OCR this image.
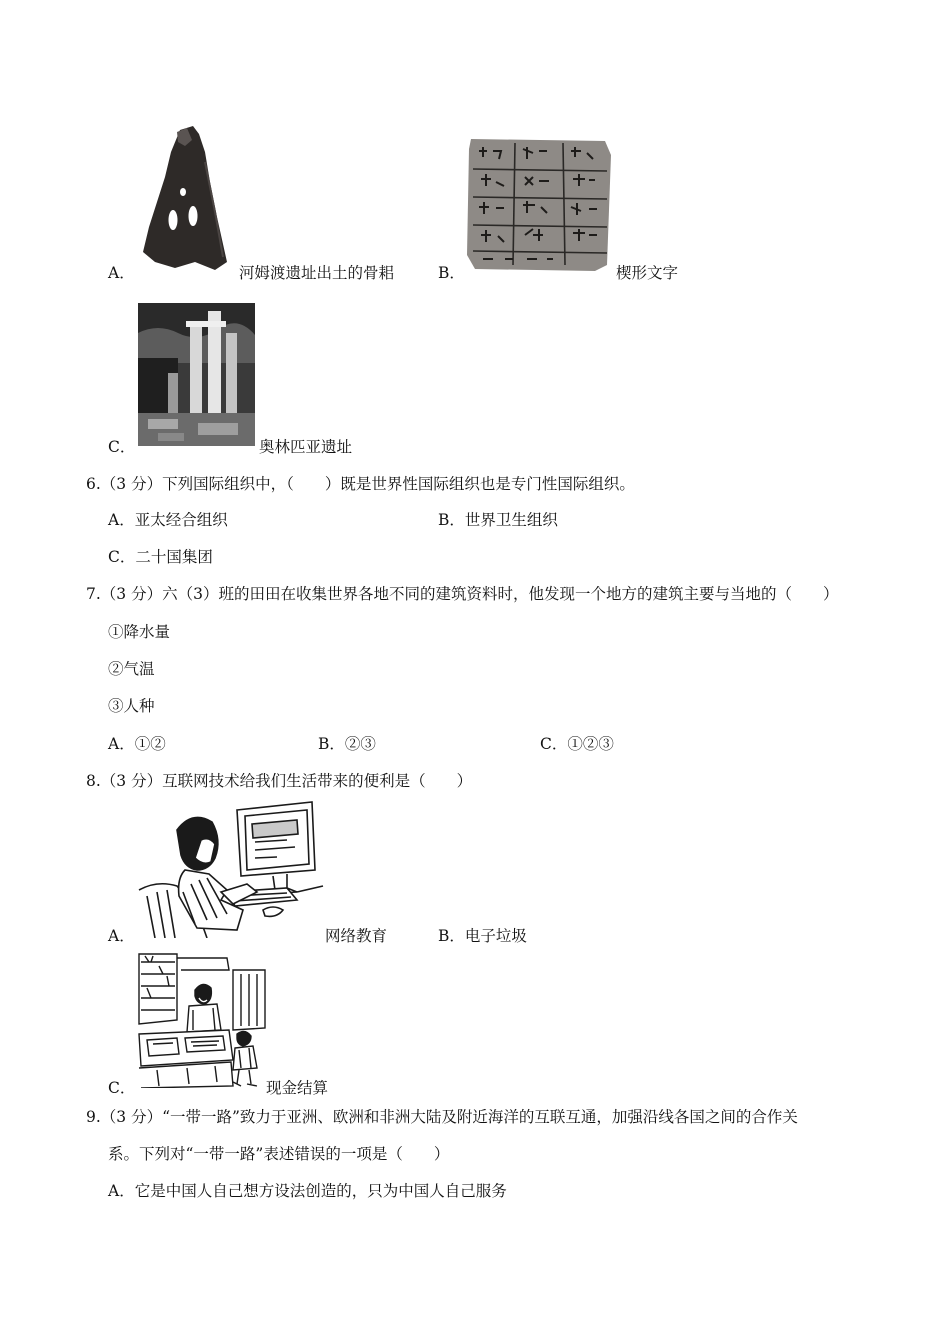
A．	河姆渡遗址出土的骨耜	B．	楔形文字
C．	奥林匹亚遗址
6.（3 分）下列国际组织中，（　　）既是世界性国际组织也是专门性国际组织。
A．亚太经合组织	B．世界卫生组织
C．二十国集团
7.（3 分）六（3）班的田田在收集世界各地不同的建筑资料时，他发现一个地方的建筑主要与当地的（　　）
①降水量
②气温
③人种
A．①②	B．②③	C．①②③
8.（3 分）互联网技术给我们生活带来的便利是（　　）
A．	网络教育	B．电子垃圾
C．	现金结算
9.（3 分）“一带一路”致力于亚洲、欧洲和非洲大陆及附近海洋的互联互通，加强沿线各国之间的合作关
系。下列对“一带一路”表述错误的一项是（　　）
A．它是中国人自己想方设法创造的，只为中国人自己服务
